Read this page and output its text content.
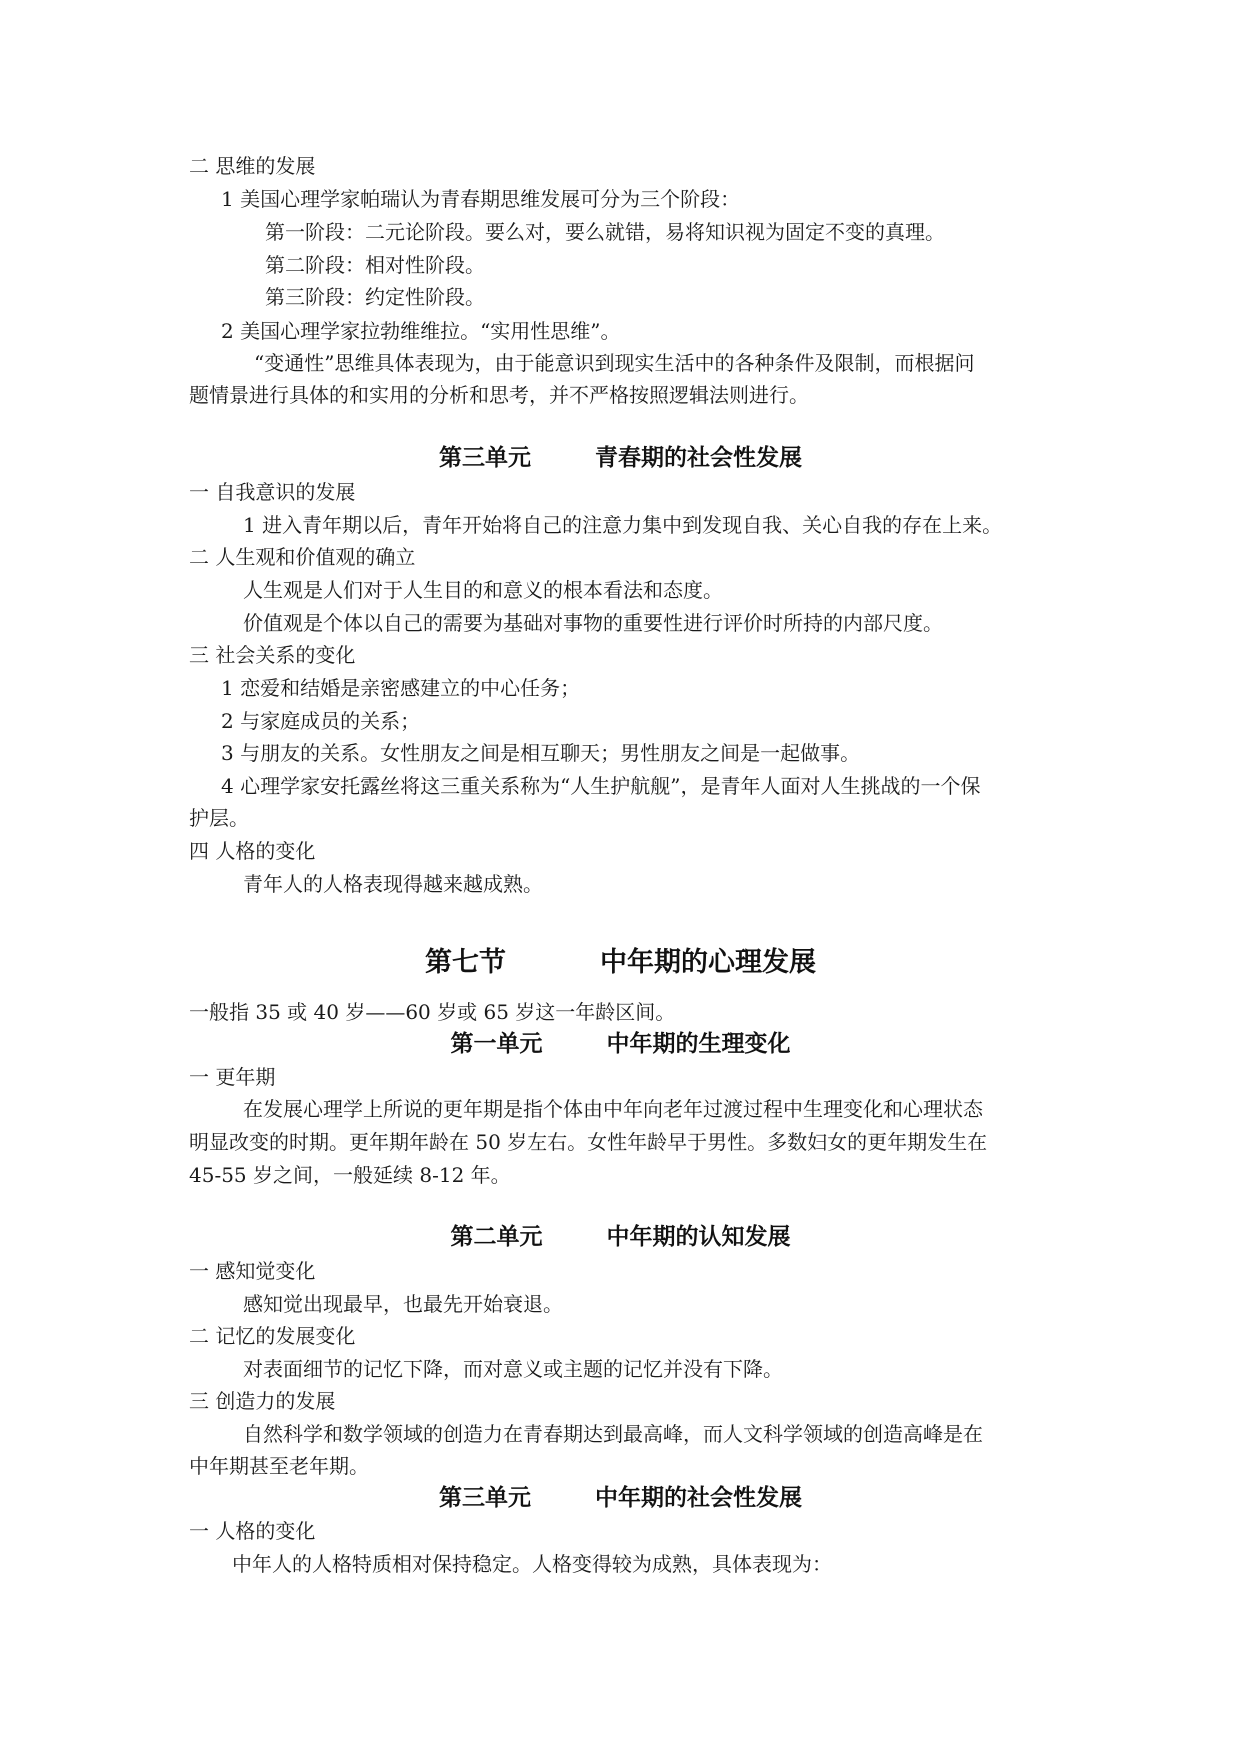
二 思维的发展
1 美国心理学家帕瑞认为青春期思维发展可分为三个阶段：
第一阶段：二元论阶段。要么对，要么就错，易将知识视为固定不变的真理。
第二阶段：相对性阶段。
第三阶段：约定性阶段。
2 美国心理学家拉勃维维拉。“实用性思维”。
“变通性”思维具体表现为，由于能意识到现实生活中的各种条件及限制，而根据问
题情景进行具体的和实用的分析和思考，并不严格按照逻辑法则进行。
第三单元        青春期的社会性发展
一 自我意识的发展
1 进入青年期以后，青年开始将自己的注意力集中到发现自我、关心自我的存在上来。
二 人生观和价值观的确立
人生观是人们对于人生目的和意义的根本看法和态度。
价值观是个体以自己的需要为基础对事物的重要性进行评价时所持的内部尺度。
三 社会关系的变化
1 恋爱和结婚是亲密感建立的中心任务；
2 与家庭成员的关系；
3 与朋友的关系。女性朋友之间是相互聊天；男性朋友之间是一起做事。
4 心理学家安托露丝将这三重关系称为“人生护航舰”，是青年人面对人生挑战的一个保
护层。
四 人格的变化
青年人的人格表现得越来越成熟。
第七节          中年期的心理发展
一般指 35 或 40 岁——60 岁或 65 岁这一年龄区间。
第一单元        中年期的生理变化
一 更年期
在发展心理学上所说的更年期是指个体由中年向老年过渡过程中生理变化和心理状态
明显改变的时期。更年期年龄在 50 岁左右。女性年龄早于男性。多数妇女的更年期发生在
45-55 岁之间，一般延续 8-12 年。
第二单元        中年期的认知发展
一 感知觉变化
感知觉出现最早，也最先开始衰退。
二 记忆的发展变化
对表面细节的记忆下降，而对意义或主题的记忆并没有下降。
三 创造力的发展
自然科学和数学领域的创造力在青春期达到最高峰，而人文科学领域的创造高峰是在
中年期甚至老年期。
第三单元        中年期的社会性发展
一 人格的变化
中年人的人格特质相对保持稳定。人格变得较为成熟，具体表现为：
